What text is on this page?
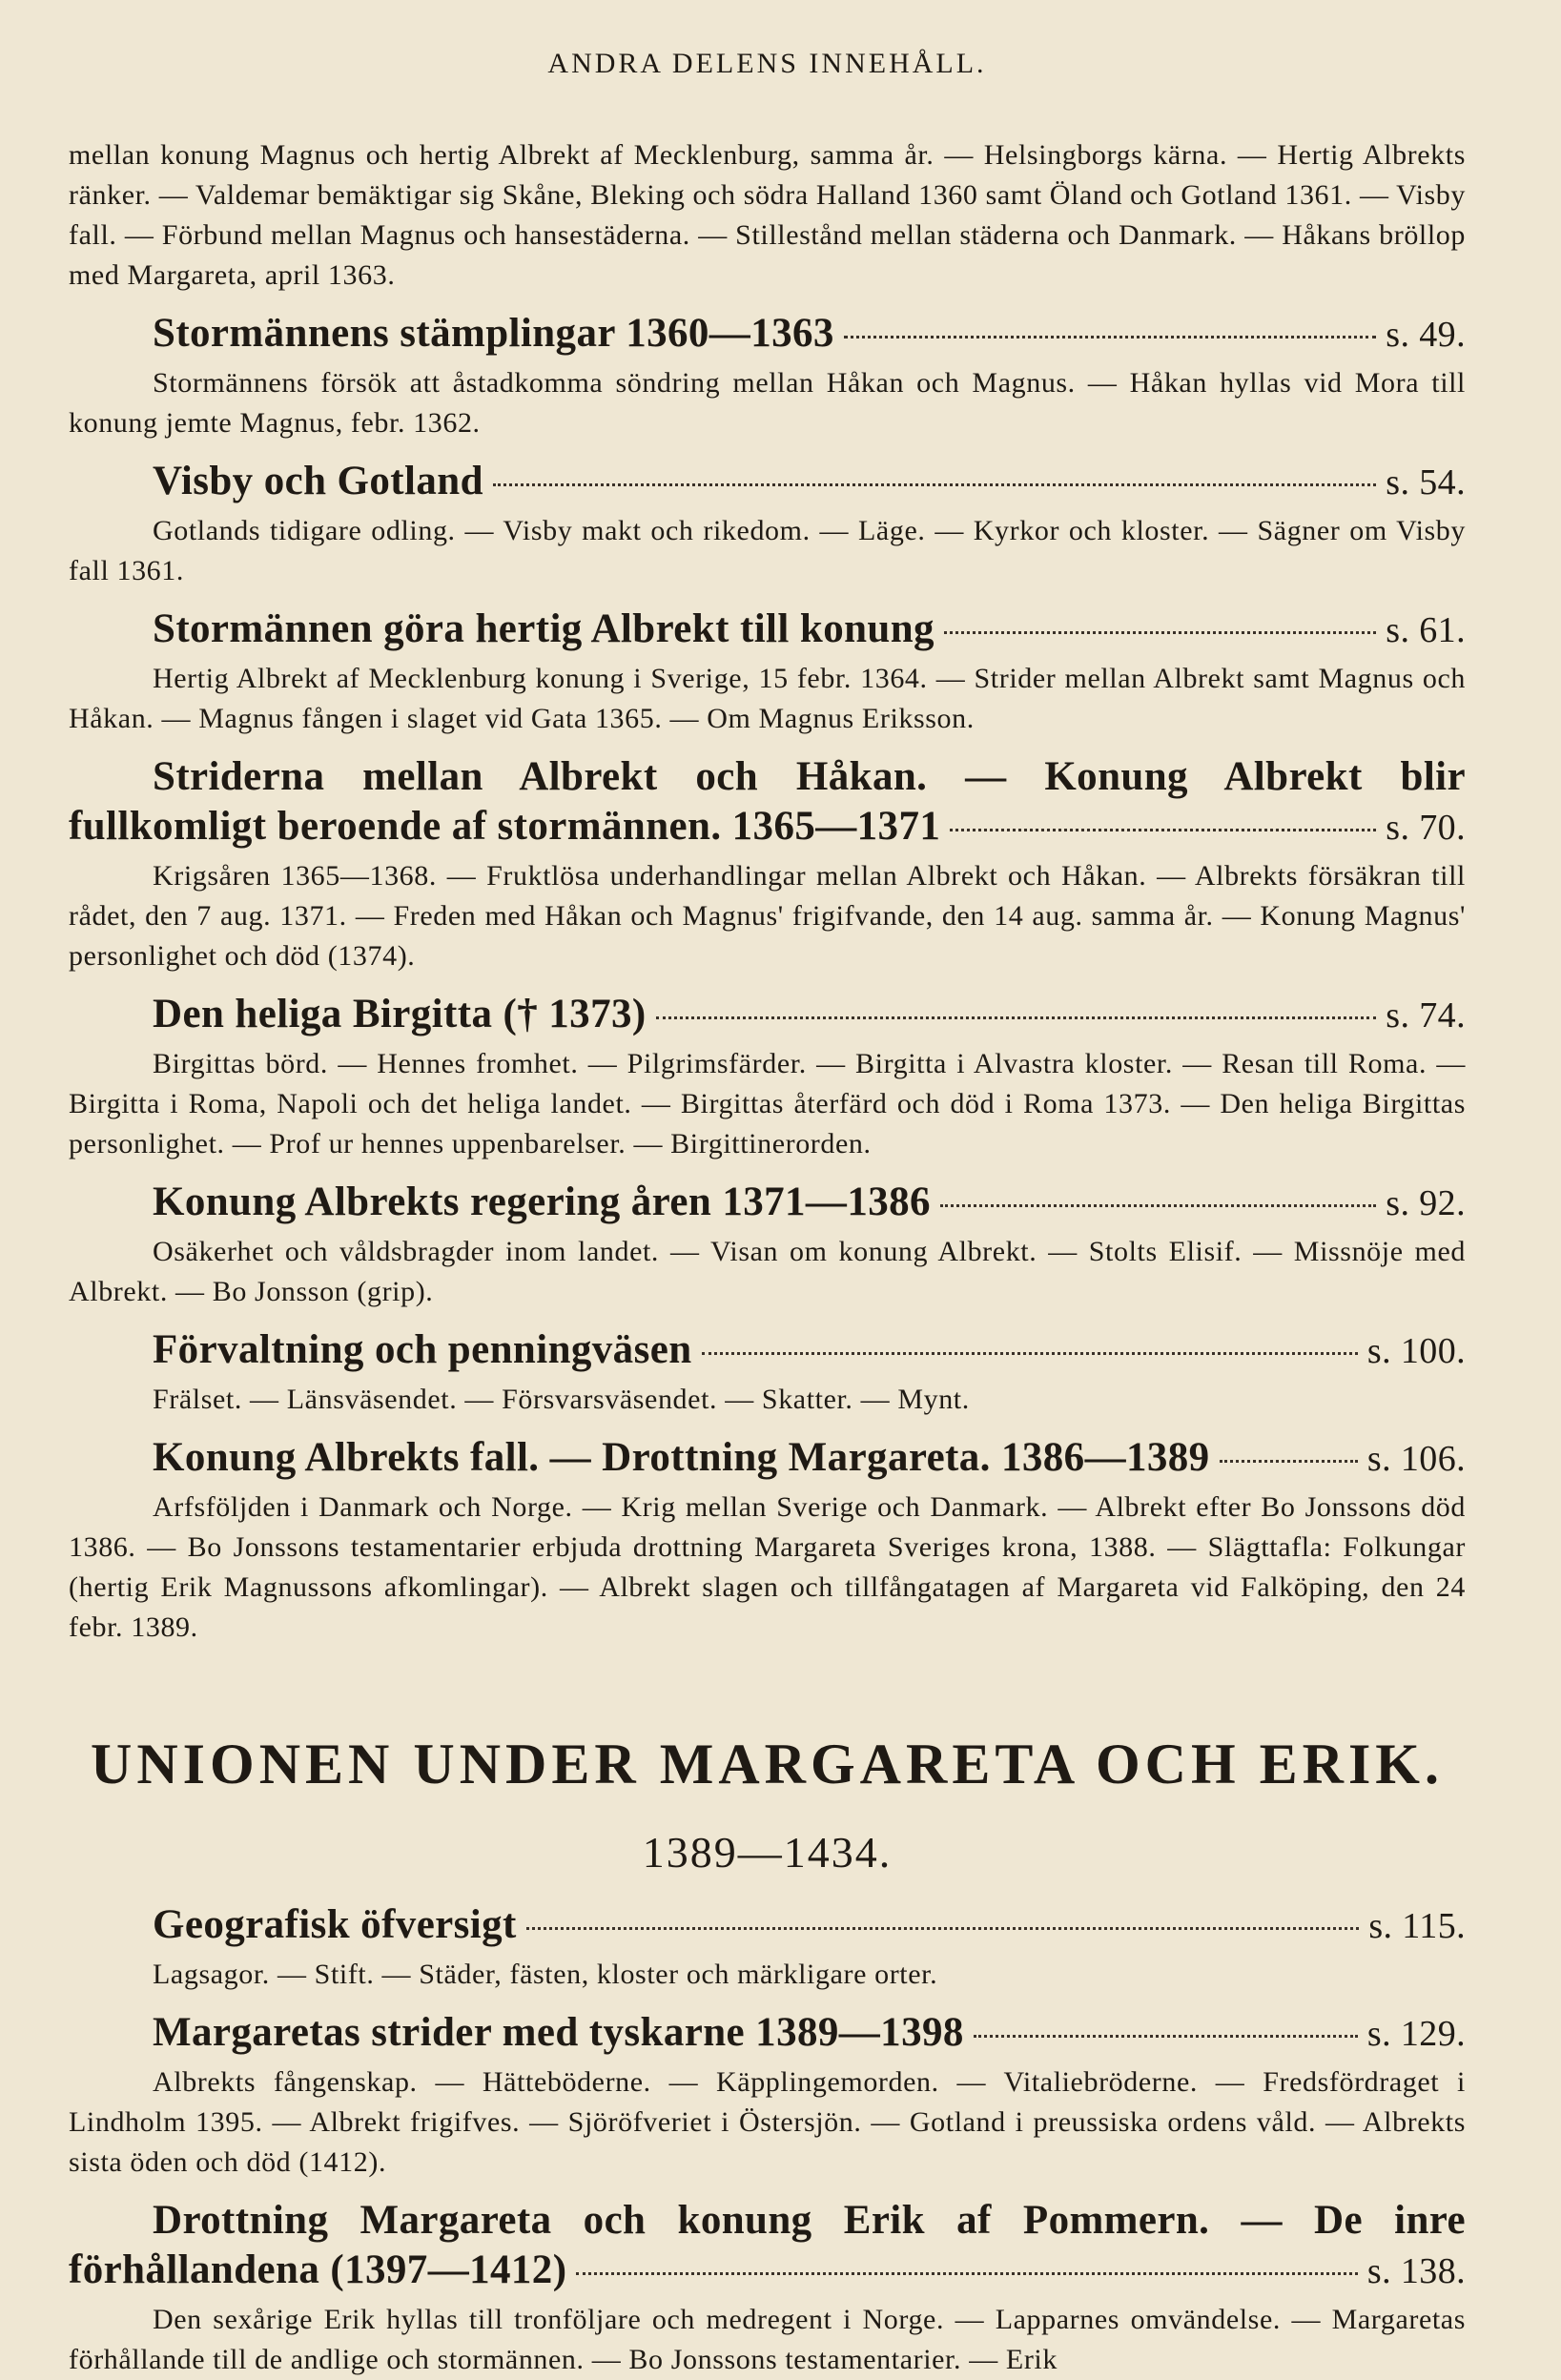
ANDRA DELENS INNEHÅLL.

mellan konung Magnus och hertig Albrekt af Mecklenburg, samma år. — Helsingborgs kärna. — Hertig Albrekts ränker. — Valdemar bemäktigar sig Skåne, Bleking och södra Halland 1360 samt Öland och Gotland 1361. — Visby fall. — Förbund mellan Magnus och hansestäderna. — Stillestånd mellan städerna och Danmark. — Håkans bröllop med Margareta, april 1363.

Stormännens stämplingar 1360—1363	s. 49.

Stormännens försök att åstadkomma söndring mellan Håkan och Magnus. — Håkan hyllas vid Mora till konung jemte Magnus, febr. 1362.

Visby och Gotland	s. 54.

Gotlands tidigare odling. — Visby makt och rikedom. — Läge. — Kyrkor och kloster. — Sägner om Visby fall 1361.

Stormännen göra hertig Albrekt till konung	s. 61.

Hertig Albrekt af Mecklenburg konung i Sverige, 15 febr. 1364. — Strider mellan Albrekt samt Magnus och Håkan. — Magnus fången i slaget vid Gata 1365. — Om Magnus Eriksson.

Striderna mellan Albrekt och Håkan. — Konung Albrekt blir
fullkomligt beroende af stormännen. 1365—1371	s. 70.

Krigsåren 1365—1368. — Fruktlösa underhandlingar mellan Albrekt och Håkan. — Albrekts försäkran till rådet, den 7 aug. 1371. — Freden med Håkan och Magnus' frigifvande, den 14 aug. samma år. — Konung Magnus' personlighet och död (1374).

Den heliga Birgitta († 1373)	s. 74.

Birgittas börd. — Hennes fromhet. — Pilgrimsfärder. — Birgitta i Alvastra kloster. — Resan till Roma. — Birgitta i Roma, Napoli och det heliga landet. — Birgittas återfärd och död i Roma 1373. — Den heliga Birgittas personlighet. — Prof ur hennes uppenbarelser. — Birgittinerorden.

Konung Albrekts regering åren 1371—1386	s. 92.

Osäkerhet och våldsbragder inom landet. — Visan om konung Albrekt. — Stolts Elisif. — Missnöje med Albrekt. — Bo Jonsson (grip).

Förvaltning och penningväsen	s. 100.

Frälset. — Länsväsendet. — Försvarsväsendet. — Skatter. — Mynt.

Konung Albrekts fall. — Drottning Margareta. 1386—1389	s. 106.

Arfsföljden i Danmark och Norge. — Krig mellan Sverige och Danmark. — Albrekt efter Bo Jonssons död 1386. — Bo Jonssons testamentarier erbjuda drottning Margareta Sveriges krona, 1388. — Slägttafla: Folkungar (hertig Erik Magnussons afkomlingar). — Albrekt slagen och tillfångatagen af Margareta vid Falköping, den 24 febr. 1389.

UNIONEN UNDER MARGARETA OCH ERIK.
1389—1434.
Geografisk öfversigt	s. 115.

Lagsagor. — Stift. — Städer, fästen, kloster och märkligare orter.

Margaretas strider med tyskarne 1389—1398	s. 129.

Albrekts fångenskap. — Hätteböderne. — Käpplingemorden. — Vitaliebröderne. — Fredsfördraget i Lindholm 1395. — Albrekt frigifves. — Sjöröfveriet i Östersjön. — Gotland i preussiska ordens våld. — Albrekts sista öden och död (1412).

Drottning Margareta och konung Erik af Pommern. — De inre
förhållandena (1397—1412)	s. 138.

Den sexårige Erik hyllas till tronföljare och medregent i Norge. — Lapparnes omvändelse. — Margaretas förhållande till de andlige och stormännen. — Bo Jonssons testamentarier. — Erik
